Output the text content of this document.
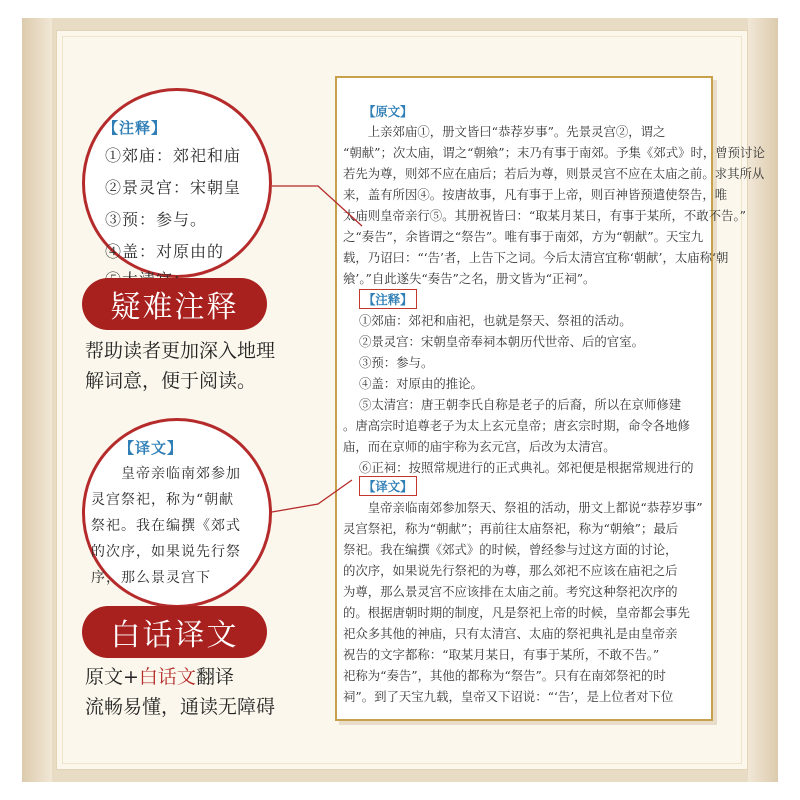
【原文】
　　上亲郊庙①，册文皆曰“恭荐岁事”。先景灵宫②，谓之
“朝献”；次太庙，谓之“朝飨”；末乃有事于南郊。予集《郊式》时，曾预讨论
若先为尊，则郊不应在庙后；若后为尊，则景灵宫不应在太庙之前。求其所从
来，盖有所因④。按唐故事，凡有事于上帝，则百神皆预遣使祭告，唯
太庙则皇帝亲行⑤。其册祝皆曰：“取某月某日，有事于某所，不敢不告。”
之“奏告”，余皆谓之“祭告”。唯有事于南郊，方为“朝献”。天宝九
载，乃诏曰：“‘告’者，上告下之词。今后太清宫宜称‘朝献’，太庙称‘朝
飨’。”自此遂失“奏告”之名，册文皆为“正祠”。
【注释】
①郊庙：郊祀和庙祀，也就是祭天、祭祖的活动。
②景灵宫：宋朝皇帝奉祠本朝历代世帝、后的官室。
③预：参与。
④盖：对原由的推论。
⑤太清宫：唐王朝李氏自称是老子的后裔，所以在京师修建
。唐高宗时追尊老子为太上玄元皇帝；唐玄宗时期，命令各地修
庙，而在京师的庙宇称为玄元宫，后改为太清宫。
⑥正祠：按照常规进行的正式典礼。郊祀便是根据常规进行的
【译文】
　　皇帝亲临南郊参加祭天、祭祖的活动，册文上都说“恭荐岁事”
灵宫祭祀，称为“朝献”；再前往太庙祭祀，称为“朝飨”；最后
祭祀。我在编撰《郊式》的时候，曾经参与过这方面的讨论，
的次序，如果说先行祭祀的为尊，那么郊祀不应该在庙祀之后
为尊，那么景灵宫不应该排在太庙之前。考究这种祭祀次序的
的。根据唐朝时期的制度，凡是祭祀上帝的时候，皇帝都会事先
祀众多其他的神庙，只有太清宫、太庙的祭祀典礼是由皇帝亲
祝告的文字都称：“取某月某日，有事于某所，不敢不告。”
祀称为“奏告”，其他的都称为“祭告”。只有在南郊祭祀的时
祠”。到了天宝九载，皇帝又下诏说：“‘告’，是上位者对下位
【注释】
①郊庙：郊祀和庙
②景灵宫：宋朝皇
③预：参与。
④盖：对原由的
【译文】
皇帝亲临南郊参加
灵宫祭祀，称为“朝献
祭祀。我在编撰《郊式
的次序，如果说先行祭
序，那么景灵宫下
疑难注释
帮助读者更加深入地理
解词意，便于阅读。
白话译文
原文+白话文翻译
流畅易懂，通读无障碍
